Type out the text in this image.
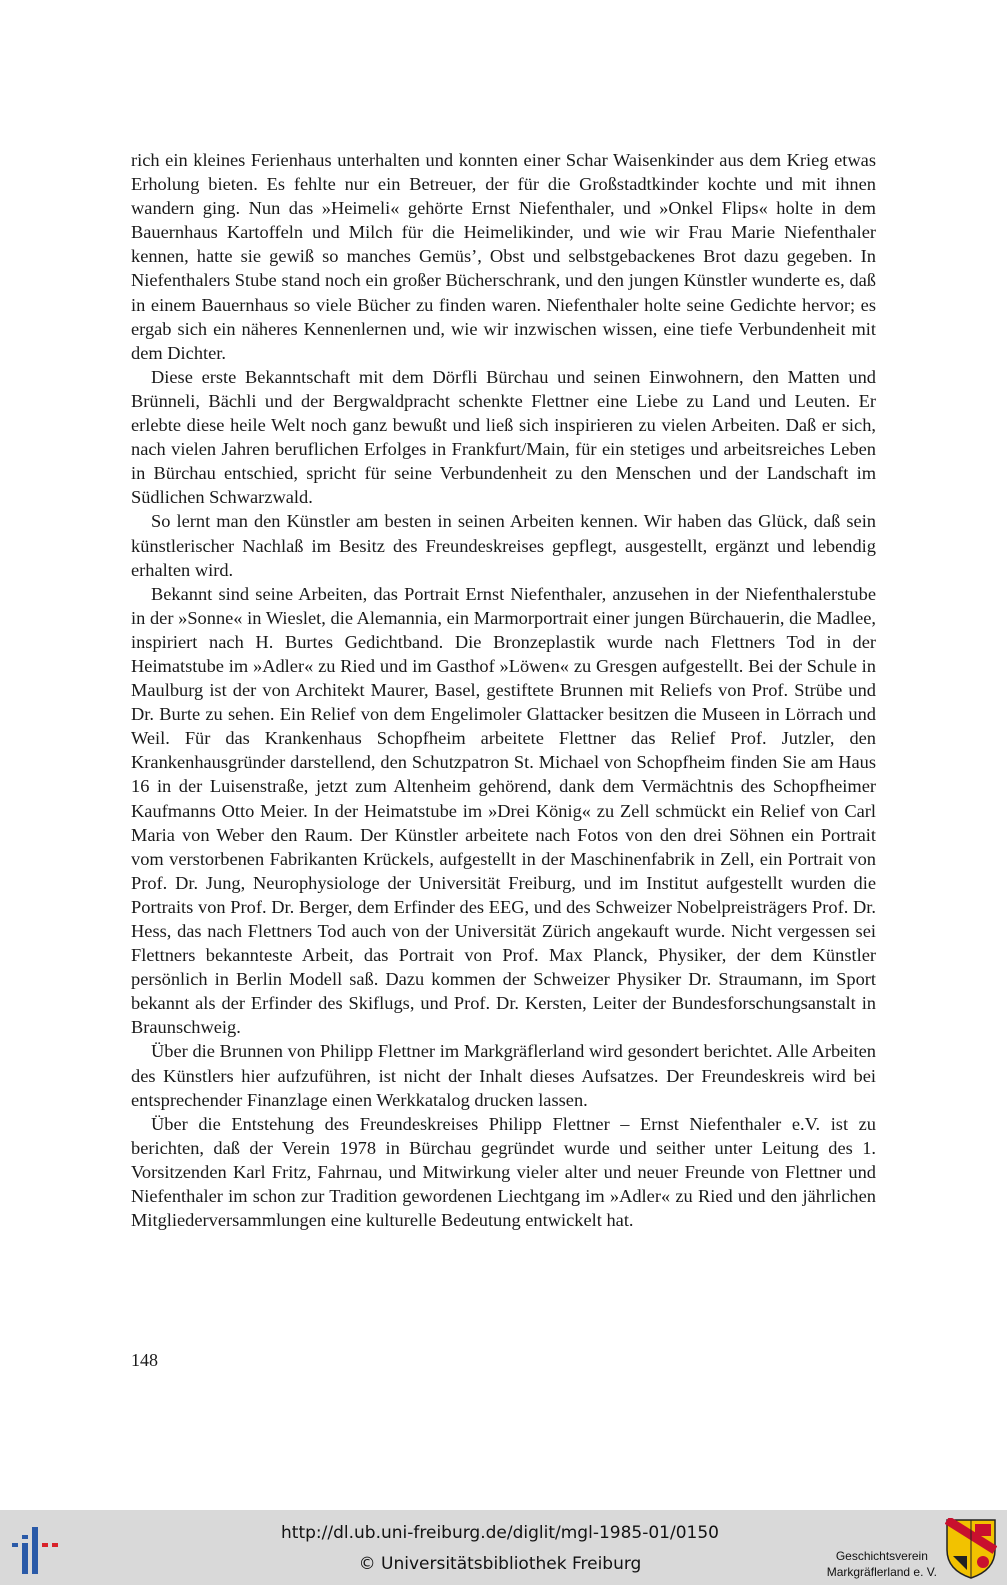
rich ein kleines Ferienhaus unterhalten und konnten einer Schar Waisenkinder aus dem Krieg etwas Erholung bieten. Es fehlte nur ein Betreuer, der für die Großstadtkinder kochte und mit ihnen wandern ging. Nun das »Heimeli« gehörte Ernst Niefenthaler, und »Onkel Flips« holte in dem Bauernhaus Kartoffeln und Milch für die Heimelikinder, und wie wir Frau Marie Niefenthaler kennen, hatte sie gewiß so manches Gemüs’, Obst und selbstgebackenes Brot dazu gegeben. In Niefenthalers Stube stand noch ein großer Bücherschrank, und den jungen Künstler wunderte es, daß in einem Bauernhaus so viele Bücher zu finden waren. Niefenthaler holte seine Gedichte hervor; es ergab sich ein näheres Kennenlernen und, wie wir inzwischen wissen, eine tiefe Verbundenheit mit dem Dichter.

Diese erste Bekanntschaft mit dem Dörfli Bürchau und seinen Einwohnern, den Matten und Brünneli, Bächli und der Bergwaldpracht schenkte Flettner eine Liebe zu Land und Leuten. Er erlebte diese heile Welt noch ganz bewußt und ließ sich inspirieren zu vielen Arbeiten. Daß er sich, nach vielen Jahren beruflichen Erfolges in Frankfurt/Main, für ein stetiges und arbeitsreiches Leben in Bürchau entschied, spricht für seine Verbundenheit zu den Menschen und der Landschaft im Südlichen Schwarzwald.

So lernt man den Künstler am besten in seinen Arbeiten kennen. Wir haben das Glück, daß sein künstlerischer Nachlaß im Besitz des Freundeskreises gepflegt, ausgestellt, ergänzt und lebendig erhalten wird.

Bekannt sind seine Arbeiten, das Portrait Ernst Niefenthaler, anzusehen in der Niefenthalerstube in der »Sonne« in Wieslet, die Alemannia, ein Marmorportrait einer jungen Bürchauerin, die Madlee, inspiriert nach H. Burtes Gedichtband. Die Bronzeplastik wurde nach Flettners Tod in der Heimatstube im »Adler« zu Ried und im Gasthof »Löwen« zu Gresgen aufgestellt. Bei der Schule in Maulburg ist der von Architekt Maurer, Basel, gestiftete Brunnen mit Reliefs von Prof. Strübe und Dr. Burte zu sehen. Ein Relief von dem Engelimoler Glattacker besitzen die Museen in Lörrach und Weil. Für das Krankenhaus Schopfheim arbeitete Flettner das Relief Prof. Jutzler, den Krankenhausgründer darstellend, den Schutzpatron St. Michael von Schopfheim finden Sie am Haus 16 in der Luisenstraße, jetzt zum Altenheim gehörend, dank dem Vermächtnis des Schopfheimer Kaufmanns Otto Meier. In der Heimatstube im »Drei König« zu Zell schmückt ein Relief von Carl Maria von Weber den Raum. Der Künstler arbeitete nach Fotos von den drei Söhnen ein Portrait vom verstorbenen Fabrikanten Krückels, aufgestellt in der Maschinenfabrik in Zell, ein Portrait von Prof. Dr. Jung, Neurophysiologe der Universität Freiburg, und im Institut aufgestellt wurden die Portraits von Prof. Dr. Berger, dem Erfinder des EEG, und des Schweizer Nobelpreisträgers Prof. Dr. Hess, das nach Flettners Tod auch von der Universität Zürich angekauft wurde. Nicht vergessen sei Flettners bekannteste Arbeit, das Portrait von Prof. Max Planck, Physiker, der dem Künstler persönlich in Berlin Modell saß. Dazu kommen der Schweizer Physiker Dr. Straumann, im Sport bekannt als der Erfinder des Skiflugs, und Prof. Dr. Kersten, Leiter der Bundesforschungsanstalt in Braunschweig.

Über die Brunnen von Philipp Flettner im Markgräflerland wird gesondert berichtet. Alle Arbeiten des Künstlers hier aufzuführen, ist nicht der Inhalt dieses Aufsatzes. Der Freundeskreis wird bei entsprechender Finanzlage einen Werkkatalog drucken lassen.

Über die Entstehung des Freundeskreises Philipp Flettner – Ernst Niefenthaler e.V. ist zu berichten, daß der Verein 1978 in Bürchau gegründet wurde und seither unter Leitung des 1. Vorsitzenden Karl Fritz, Fahrnau, und Mitwirkung vieler alter und neuer Freunde von Flettner und Niefenthaler im schon zur Tradition gewordenen Liechtgang im »Adler« zu Ried und den jährlichen Mitgliederversammlungen eine kulturelle Bedeutung entwickelt hat.

148
http://dl.ub.uni-freiburg.de/diglit/mgl-1985-01/0150
© Universitätsbibliothek Freiburg	Geschichtsverein
Markgräflerland e. V.
